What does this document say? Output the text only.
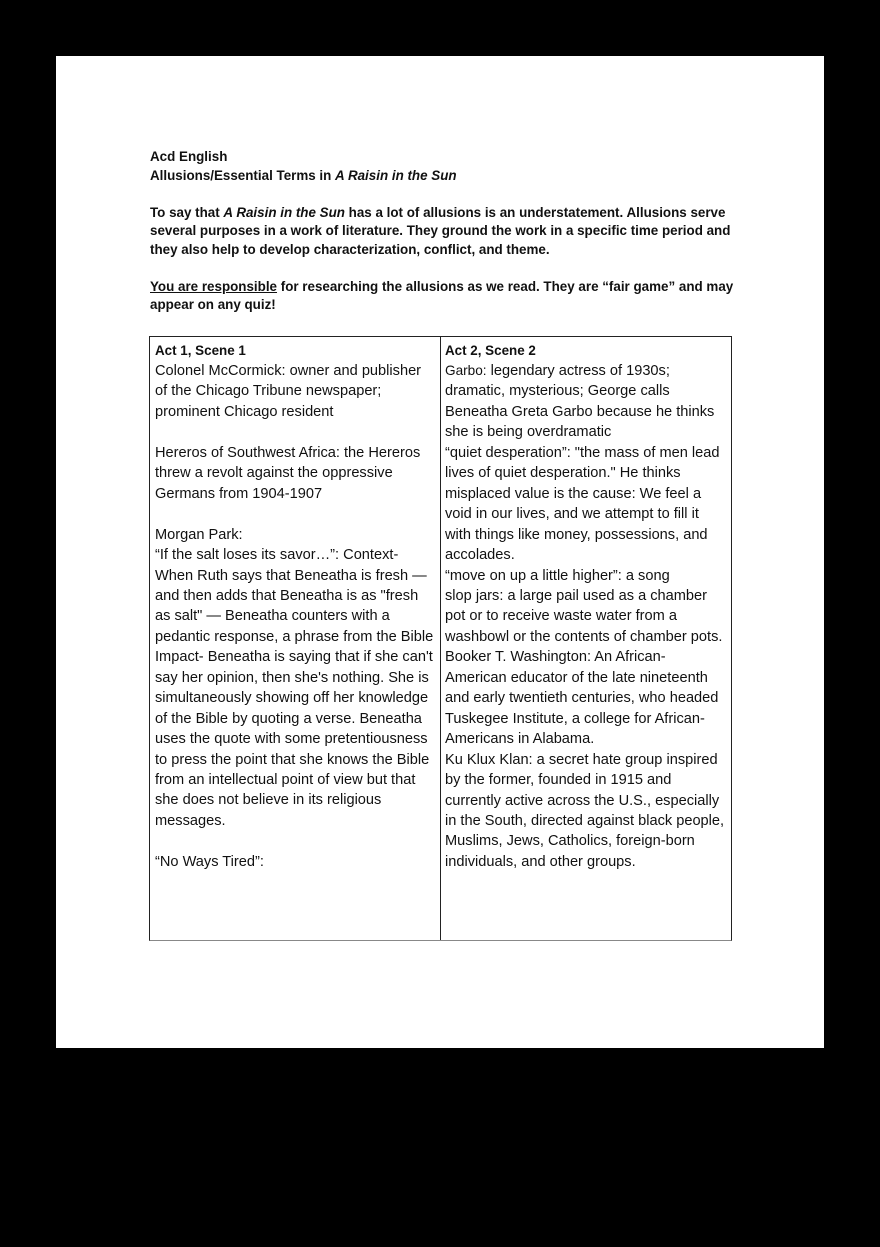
Acd English

Allusions/Essential Terms in A Raisin in the Sun

To say that A Raisin in the Sun has a lot of allusions is an understatement. Allusions serve several purposes in a work of literature. They ground the work in a specific time period and they also help to develop characterization, conflict, and theme.

You are responsible for researching the allusions as we read. They are “fair game” and may appear on any quiz!

Act 1, Scene 1

Colonel McCormick: owner and publisher of the Chicago Tribune newspaper; prominent Chicago resident

Hereros of Southwest Africa: the Hereros threw a revolt against the oppressive Germans from 1904-1907

Morgan Park:

“If the salt loses its savor…”: Context- When Ruth says that Beneatha is fresh — and then adds that Beneatha is as "fresh as salt" — Beneatha counters with a pedantic response, a phrase from the Bible

Impact- Beneatha is saying that if she can't say her opinion, then she's nothing. She is simultaneously showing off her knowledge of the Bible by quoting a verse. Beneatha uses the quote with some pretentiousness to press the point that she knows the Bible from an intellectual point of view but that she does not believe in its religious messages.

“No Ways Tired”:

Act 2, Scene 2

Garbo: legendary actress of 1930s; dramatic, mysterious; George calls Beneatha Greta Garbo because he thinks she is being overdramatic

“quiet desperation”: "the mass of men lead lives of quiet desperation." He thinks misplaced value is the cause: We feel a void in our lives, and we attempt to fill it with things like money, possessions, and accolades.

“move on up a little higher”: a song

slop jars: a large pail used as a chamber pot or to receive waste water from a washbowl or the contents of chamber pots.

Booker T. Washington: An African-American educator of the late nineteenth and early twentieth centuries, who headed Tuskegee Institute, a college for African-Americans in Alabama.

Ku Klux Klan: a secret hate group inspired by the former, founded in 1915 and currently active across the U.S., especially in the South, directed against black people, Muslims, Jews, Catholics, foreign-born individuals, and other groups.
